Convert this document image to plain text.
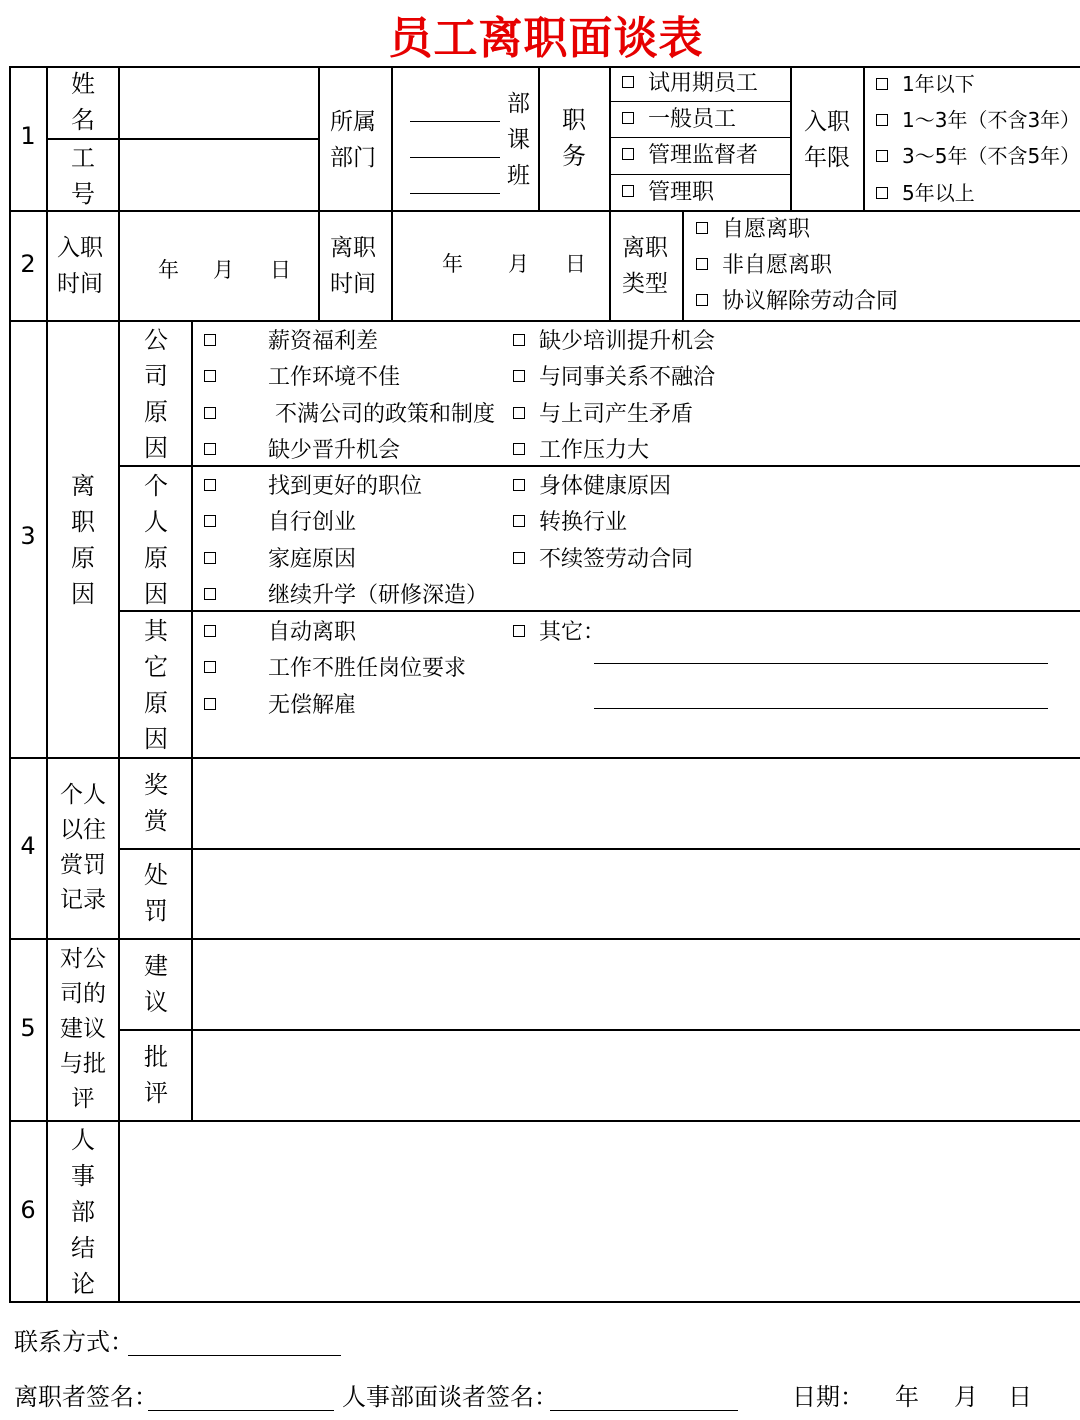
员工离职面谈表
1
2
3
4
5
6
姓
名
工
号
所属
部门
部
课
班
职
务
试用期员工
一般员工
管理监督者
管理职
入职
年限
1年以下
1～3年（不含3年）
3～5年（不含5年）
5年以上
入职
时间
年 月 日
离职
时间
年 月 日
离职
类型
自愿离职
非自愿离职
协议解除劳动合同
离
职
原
因
公
司
原
因
个
人
原
因
其
它
原
因
薪资福利差
工作环境不佳
不满公司的政策和制度
缺少晋升机会
缺少培训提升机会
与同事关系不融洽
与上司产生矛盾
工作压力大
找到更好的职位
自行创业
家庭原因
继续升学（研修深造）
身体健康原因
转换行业
不续签劳动合同
自动离职
工作不胜任岗位要求
无偿解雇
其它：
个人
以往
赏罚
记录
奖
赏
处
罚
对公
司的
建议
与批
评
建
议
批
评
人
事
部
结
论
联系方式：
离职者签名：	人事部面谈者签名：	日期： 年 月 日
